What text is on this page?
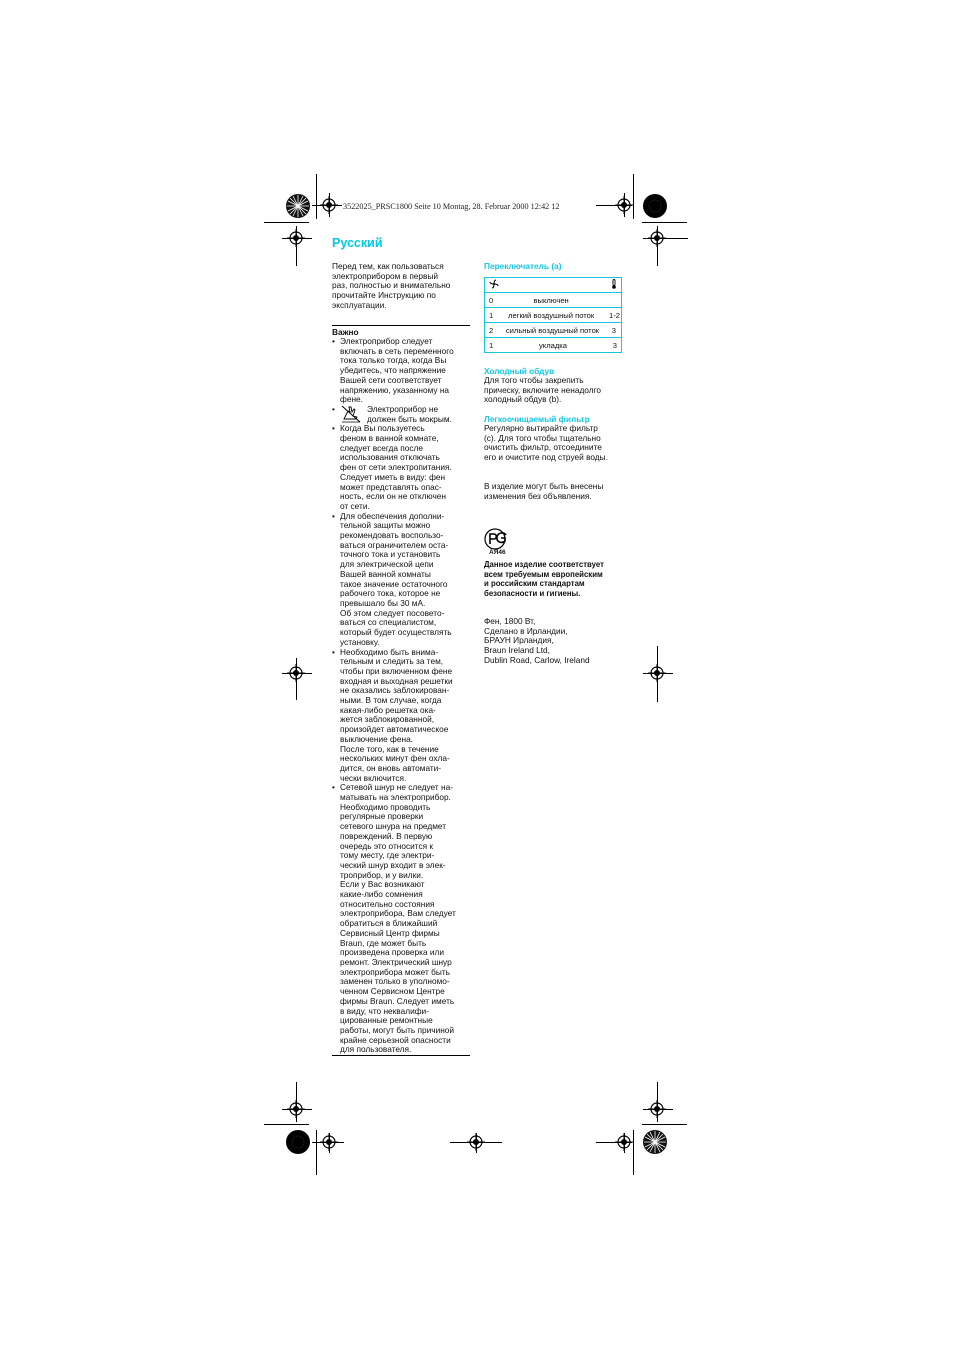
3522025_PRSC1800 Seite 10 Montag, 28. Februar 2000 12:42 12
Русский
Перед тем, как пользоваться
электроприбором в первый
раз, полностью и внимательно
прочитайте Инструкцию по
эксплуатации.
Важно
• Электроприбор следует
включать в сеть переменного
тока только тогда, когда Вы
убедитесь, что напряжение
Вашей сети соответствует
напряжению, указанному на
фене.
•	Электроприбор не
должен быть мокрым.
• Когда Вы пользуетесь
феном в ванной комнате,
следует всегда после
использования отключать
фен от сети электропитания.
Следует иметь в виду: фен
может представлять опас-
ность, если он не отключен
от сети.
• Для обеспечения дополни-
тельной защиты можно
рекомендовать воспользо-
ваться ограничителем оста-
точного тока и установить
для электрической цепи
Вашей ванной комнаты
такое значение остаточного
рабочего тока, которое не
превышало бы 30 мА.
Об этом следует посовето-
ваться со специалистом,
который будет осуществлять
установку.
• Необходимо быть внима-
тельным и следить за тем,
чтобы при включенном фене
входная и выходная решетки
не оказались заблокирован-
ными. В том случае, когда
какая-либо решетка ока-
жется заблокированной,
произойдет автоматическое
выключение фена.
После того, как в течение
нескольких минут фен охла-
дится, он вновь автомати-
чески включится.
• Сетевой шнур не следует на-
матывать на электроприбор.
Необходимо проводить
регулярные проверки
сетевого шнура на предмет
повреждений. В первую
очередь это относится к
тому месту, где электри-
ческий шнур входит в элек-
троприбор, и у вилки.
Если у Вас возникают
какие-либо сомнения
относительно состояния
электроприбора, Вам следует
обратиться в ближайший
Сервисный Центр фирмы
Braun, где может быть
произведена проверка или
ремонт. Электрический шнур
электроприбора может быть
заменен только в уполномо-
ченном Сервисном Центре
фирмы Braun. Следует иметь
в виду, что неквалифи-
цированные ремонтные
работы, могут быть причиной
крайне серьезной опасности
для пользователя.
Переключатель (a)

0	выключен

1 легкий воздушный поток 1-2

2 сильный воздушный поток 3

1	укладка	3
Холодный обдув
Для того чтобы закрепить
прическу, включите ненадолго
холодный обдув (b).
Легкоочищаемый фильтр
Регулярно вытирайте фильтр
(c). Для того чтобы тщательно
очистить фильтр, отсоедините
его и очистите под струей воды.
В изделие могут быть внесены
изменения без объявления.
АЯ46
Данное изделие соответствует
всем требуемым европейским
и российским стандартам
безопасности и гигиены.
Фен, 1800 Вт,
Сделано в Ирландии,
БРАУН Ирландия,
Braun Ireland Ltd,
Dublin Road, Carlow, Ireland
